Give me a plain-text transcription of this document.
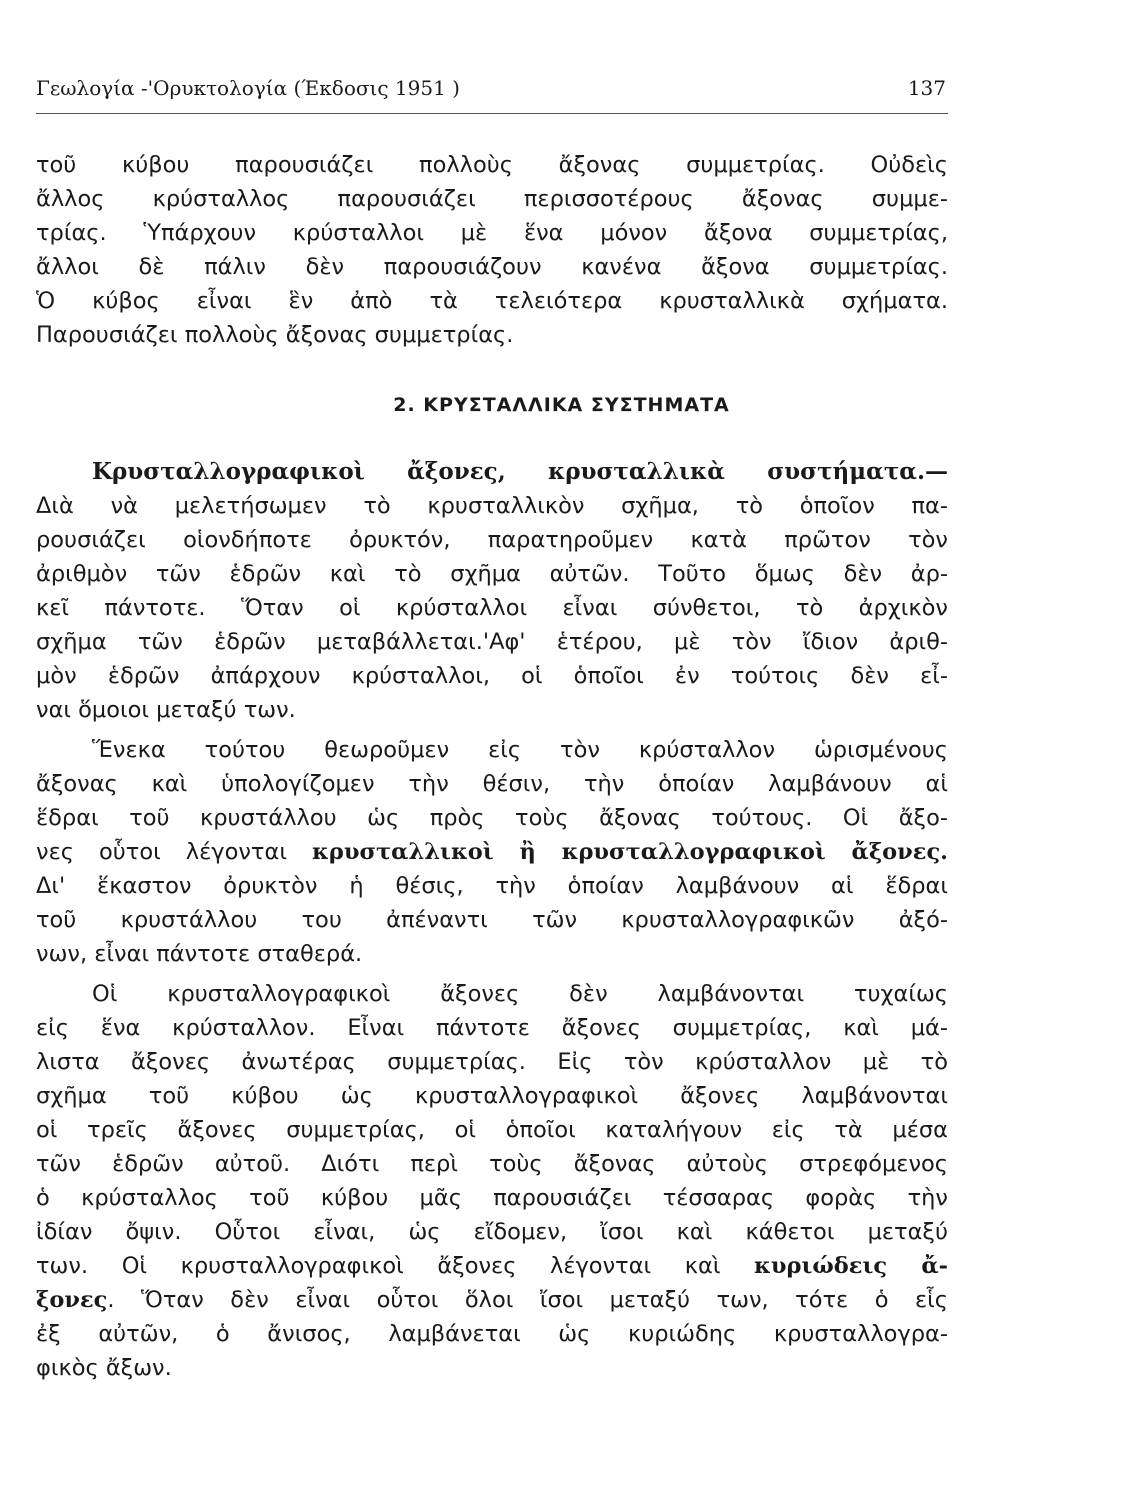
Γεωλογία -'Ορυκτολογία (Έκδοσις 1951 )	137
τοῦ κύβου παρουσιάζει πολλοὺς ἄξονας συμμετρίας. Οὐδεὶς
ἄλλος κρύσταλλος παρουσιάζει περισσοτέρους ἄξονας συμμε-
τρίας. Ὑπάρχουν κρύσταλλοι μὲ ἕνα μόνον ἄξονα συμμετρίας,
ἄλλοι δὲ πάλιν δὲν παρουσιάζουν κανένα ἄξονα συμμετρίας.
Ὁ κύβος εἶναι ἓν ἀπὸ τὰ τελειότερα κρυσταλλικὰ σχήματα.
Παρουσιάζει πολλοὺς ἄξονας συμμετρίας.
2. ΚΡΥΣΤΑΛΛΙΚΑ ΣΥΣΤΗΜΑΤΑ
Κρυσταλλογραφικοὶ ἄξονες, κρυσταλλικὰ συστήματα.—
Διὰ νὰ μελετήσωμεν τὸ κρυσταλλικὸν σχῆμα, τὸ ὁποῖον πα-
ρουσιάζει οἱονδήποτε ὀρυκτόν, παρατηροῦμεν κατὰ πρῶτον τὸν
ἀριθμὸν τῶν ἑδρῶν καὶ τὸ σχῆμα αὐτῶν. Τοῦτο ὅμως δὲν ἀρ-
κεῖ πάντοτε. Ὅταν οἱ κρύσταλλοι εἶναι σύνθετοι, τὸ ἀρχικὸν
σχῆμα τῶν ἑδρῶν μεταβάλλεται.'Αφ' ἑτέρου, μὲ τὸν ἴδιον ἀριθ-
μὸν ἑδρῶν ἀπάρχουν κρύσταλλοι, οἱ ὁποῖοι ἐν τούτοις δὲν εἶ-
ναι ὅμοιοι μεταξύ των.
Ἕνεκα τούτου θεωροῦμεν εἰς τὸν κρύσταλλον ὡρισμένους
ἄξονας καὶ ὑπολογίζομεν τὴν θέσιν, τὴν ὁποίαν λαμβάνουν αἱ
ἕδραι τοῦ κρυστάλλου ὡς πρὸς τοὺς ἄξονας τούτους. Οἱ ἄξο-
νες οὗτοι λέγονται κρυσταλλικοὶ ἢ κρυσταλλογραφικοὶ ἄξονες.
Δι' ἕκαστον ὀρυκτὸν ἡ θέσις, τὴν ὁποίαν λαμβάνουν αἱ ἕδραι
τοῦ κρυστάλλου του ἀπέναντι τῶν κρυσταλλογραφικῶν ἀξό-
νων, εἶναι πάντοτε σταθερά.
Οἱ κρυσταλλογραφικοὶ ἄξονες δὲν λαμβάνονται τυχαίως
εἰς ἕνα κρύσταλλον. Εἶναι πάντοτε ἄξονες συμμετρίας, καὶ μά-
λιστα ἄξονες ἀνωτέρας συμμετρίας. Εἰς τὸν κρύσταλλον μὲ τὸ
σχῆμα τοῦ κύβου ὡς κρυσταλλογραφικοὶ ἄξονες λαμβάνονται
οἱ τρεῖς ἄξονες συμμετρίας, οἱ ὁποῖοι καταλήγουν εἰς τὰ μέσα
τῶν ἑδρῶν αὐτοῦ. Διότι περὶ τοὺς ἄξονας αὐτοὺς στρεφόμενος
ὁ κρύσταλλος τοῦ κύβου μᾶς παρουσιάζει τέσσαρας φορὰς τὴν
ἰδίαν ὄψιν. Οὗτοι εἶναι, ὡς εἴδομεν, ἴσοι καὶ κάθετοι μεταξύ
των. Οἱ κρυσταλλογραφικοὶ ἄξονες λέγονται καὶ κυριώδεις ἄ-
ξονες. Ὅταν δὲν εἶναι οὗτοι ὅλοι ἴσοι μεταξύ των, τότε ὁ εἷς
ἐξ αὐτῶν, ὁ ἄνισος, λαμβάνεται ὡς κυριώδης κρυσταλλογρα-
φικὸς ἄξων.
